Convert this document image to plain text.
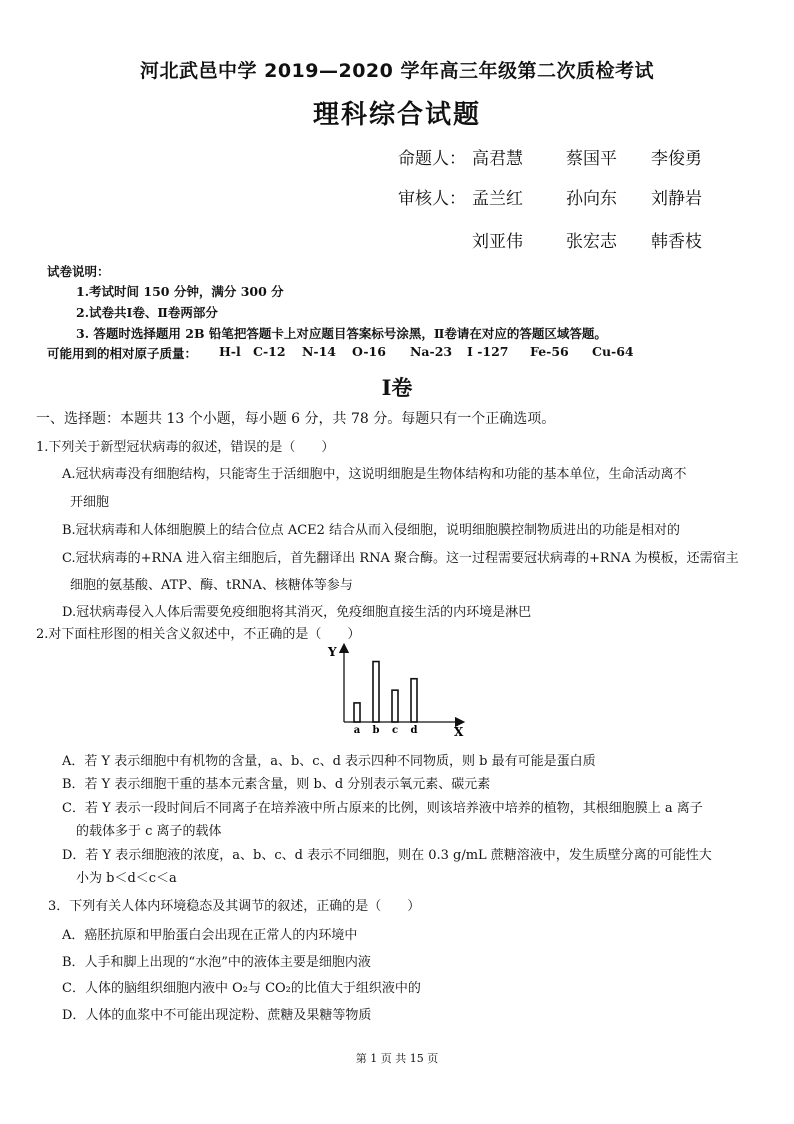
河北武邑中学 2019—2020 学年高三年级第二次质检考试
理科综合试题
命题人： 高君慧	蔡国平 李俊勇
审核人： 孟兰红	孙向东 刘静岩
刘亚伟	张宏志 韩香枝
试卷说明：
1.考试时间 150 分钟，满分 300 分
2.试卷共Ⅰ卷、Ⅱ卷两部分
3. 答题时选择题用 2B 铅笔把答题卡上对应题目答案标号涂黑，Ⅱ卷请在对应的答题区域答题。
可能用到的相对原子质量： H-l C-12 N-14 O-16 Na-23 I -127 Fe-56 Cu-64
Ⅰ卷
一、选择题：本题共 13 个小题，每小题 6 分，共 78 分。每题只有一个正确选项。
1.下列关于新型冠状病毒的叙述，错误的是（　　）
A.冠状病毒没有细胞结构，只能寄生于活细胞中，这说明细胞是生物体结构和功能的基本单位，生命活动离不
开细胞
B.冠状病毒和人体细胞膜上的结合位点 ACE2 结合从而入侵细胞，说明细胞膜控制物质进出的功能是相对的
C.冠状病毒的+RNA 进入宿主细胞后，首先翻译出 RNA 聚合酶。这一过程需要冠状病毒的+RNA 为模板，还需宿主
细胞的氨基酸、ATP、酶、tRNA、核糖体等参与
D.冠状病毒侵入人体后需要免疫细胞将其消灭，免疫细胞直接生活的内环境是淋巴
2.对下面柱形图的相关含义叙述中，不正确的是（　　）
Y
X
a b c d
A．若 Y 表示细胞中有机物的含量，a、b、c、d 表示四种不同物质，则 b 最有可能是蛋白质
B．若 Y 表示细胞干重的基本元素含量，则 b、d 分别表示氧元素、碳元素
C．若 Y 表示一段时间后不同离子在培养液中所占原来的比例，则该培养液中培养的植物，其根细胞膜上 a 离子
的载体多于 c 离子的载体
D．若 Y 表示细胞液的浓度，a、b、c、d 表示不同细胞，则在 0.3 g/mL 蔗糖溶液中，发生质壁分离的可能性大
小为 b＜d＜c＜a
3．下列有关人体内环境稳态及其调节的叙述，正确的是（　　）
A．癌胚抗原和甲胎蛋白会出现在正常人的内环境中
B．人手和脚上出现的“水泡”中的液体主要是细胞内液
C．人体的脑组织细胞内液中 O₂与 CO₂的比值大于组织液中的
D．人体的血浆中不可能出现淀粉、蔗糖及果糖等物质
第 1 页 共 15 页
